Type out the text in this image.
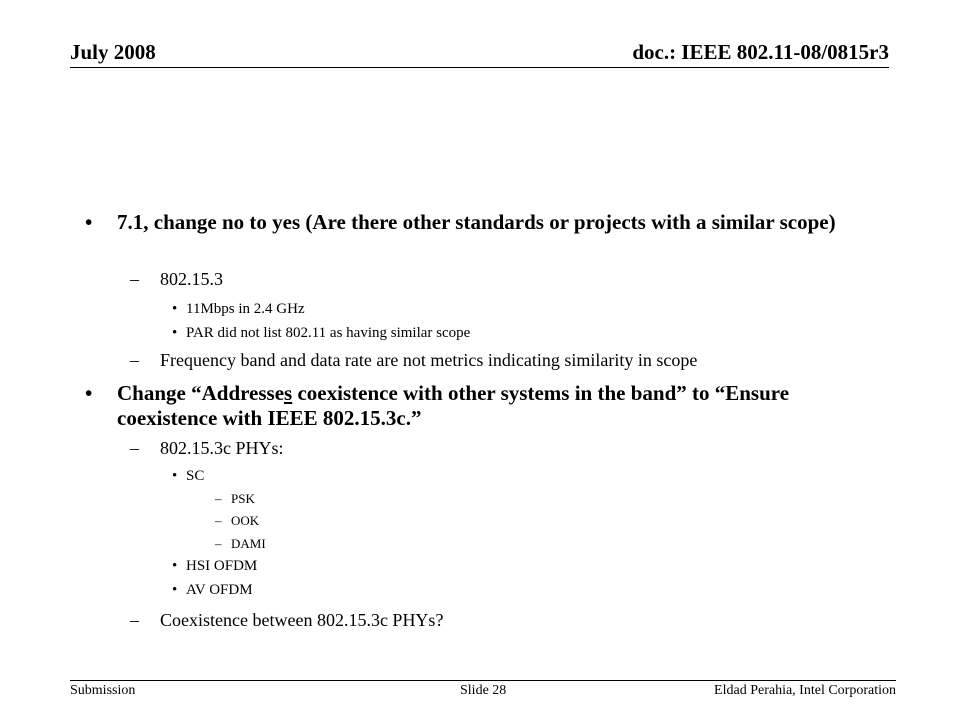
July 2008	doc.: IEEE 802.11-08/0815r3
• 7.1, change no to yes (Are there other standards or projects with a similar scope)
– 802.15.3
• 11Mbps in 2.4 GHz
• PAR did not list 802.11 as having similar scope
– Frequency band and data rate are not metrics indicating similarity in scope
• Change “Addresses coexistence with other systems in the band” to “Ensure coexistence with IEEE 802.15.3c.”
– 802.15.3c PHYs:
• SC
– PSK
– OOK
– DAMI
• HSI OFDM
• AV OFDM
– Coexistence between 802.15.3c PHYs?
Submission	Slide 28	Eldad Perahia, Intel Corporation
